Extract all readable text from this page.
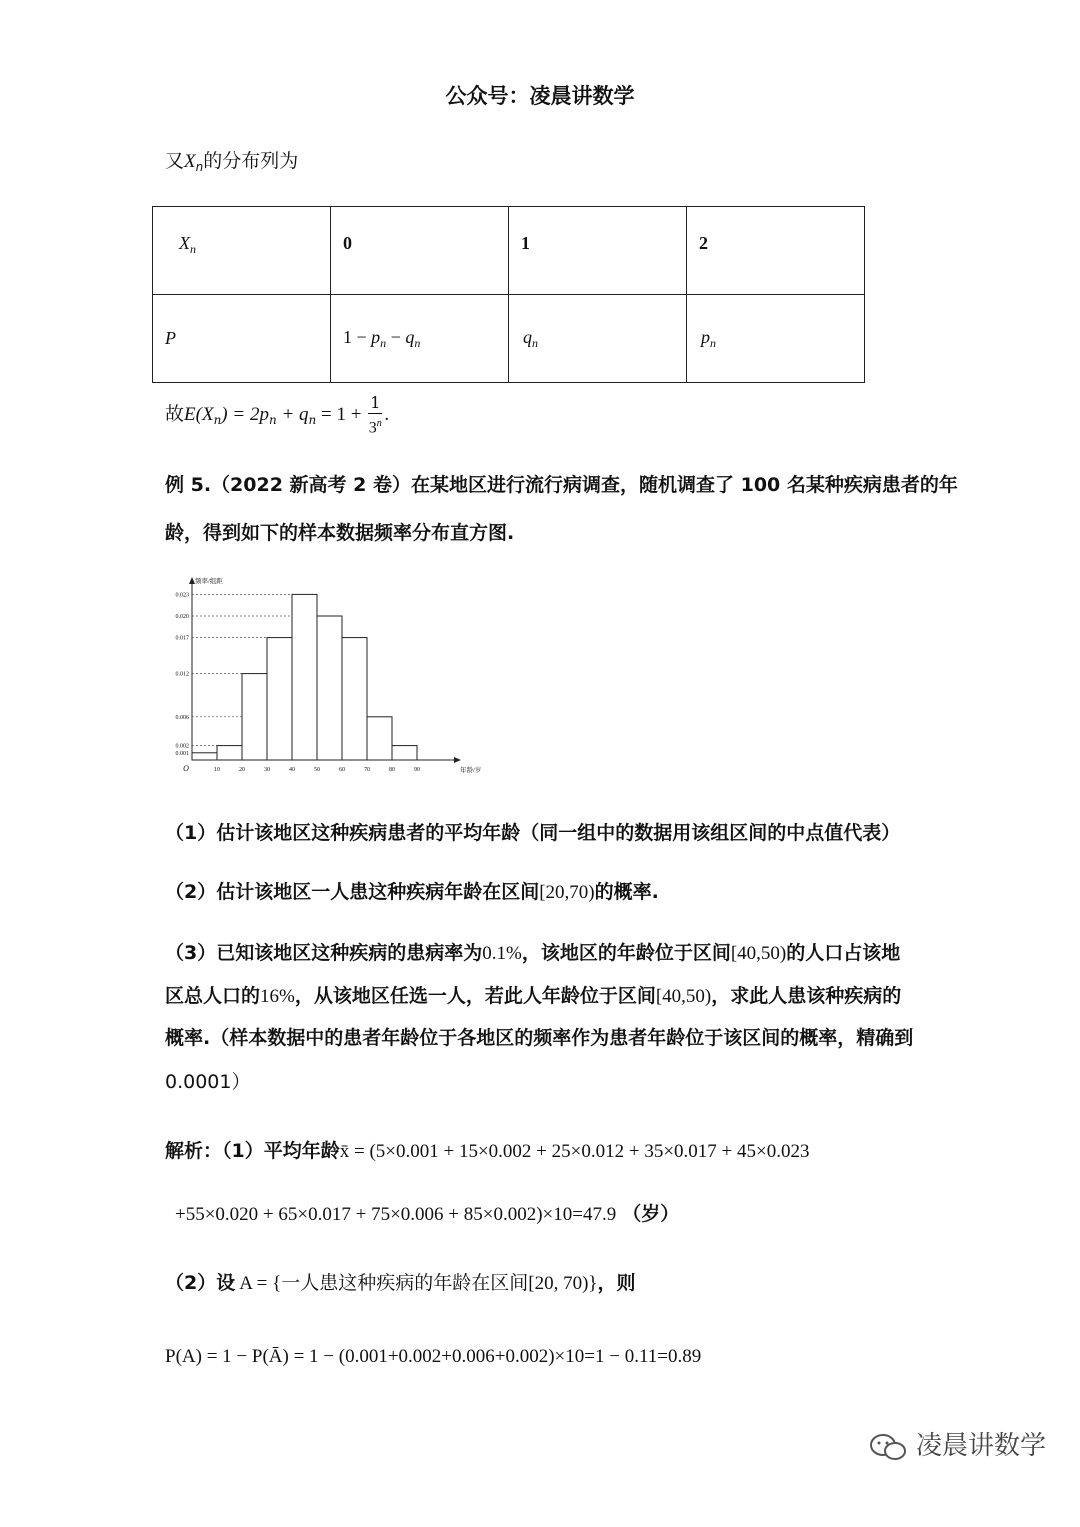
公众号：凌晨讲数学
又$X_n$的分布列为
$X_n$	0	1	2
P	$1 - p_n - q_n$	$q_n$	$p_n$
故$E(X_n) = 2p_n + q_n = 1 + \frac{1}{3^n}$ .
例 5.（2022 新高考 2 卷）在某地区进行流行病调查，随机调查了 100 名某种疾病患者的年
龄，得到如下的样本数据频率分布直方图.
0.023
0.020
0.017
0.012
0.006
0.002
0.001
O	10	20	30	40	50	60	70	80	90	年龄/岁
频率/组距
（1）估计该地区这种疾病患者的平均年龄（同一组中的数据用该组区间的中点值代表）
（2）估计该地区一人患这种疾病年龄在区间[20,70)的概率.
（3）已知该地区这种疾病的患病率为0.1%，该地区的年龄位于区间[40,50)的人口占该地
区总人口的16%，从该地区任选一人，若此人年龄位于区间[40,50)，求此人患该种疾病的
概率.（样本数据中的患者年龄位于各地区的频率作为患者年龄位于该区间的概率，精确到
0.0001）
解析：（1）平均年龄x̄ = (5×0.001 + 15×0.002 + 25×0.012 + 35×0.017 + 45×0.023
+55×0.020 + 65×0.017 + 75×0.006 + 85×0.002)×10=47.9 （岁）
（2）设 A = {一人患这种疾病的年龄在区间[20, 70)}，则
P(A) = 1 − P(Ā) = 1 − (0.001+0.002+0.006+0.002)×10=1 − 0.11=0.89
凌晨讲数学
